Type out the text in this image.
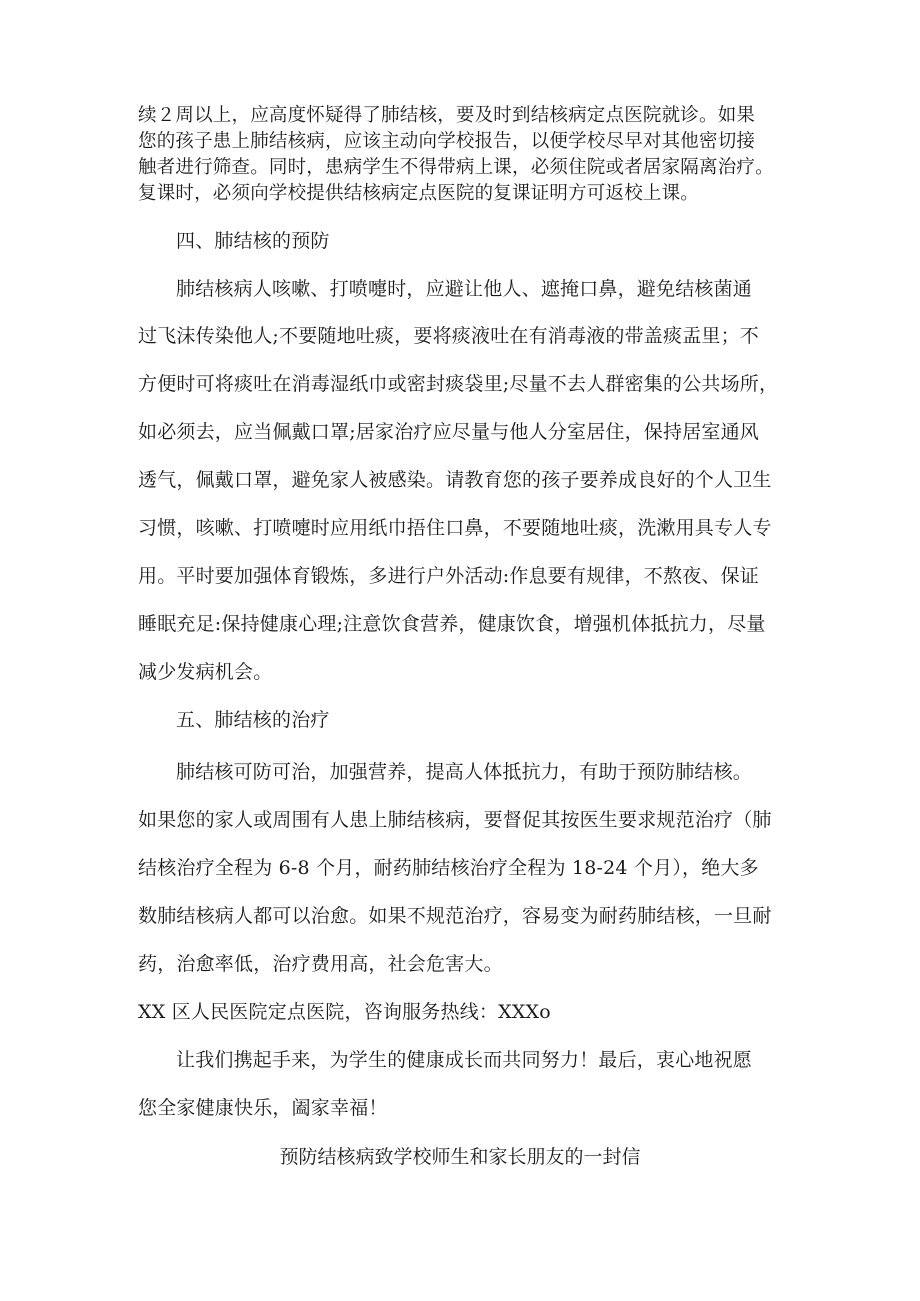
续２周以上，应高度怀疑得了肺结核，要及时到结核病定点医院就诊。如果
您的孩子患上肺结核病，应该主动向学校报告，以便学校尽早对其他密切接
触者进行筛查。同时，患病学生不得带病上课，必须住院或者居家隔离治疗。
复课时，必须向学校提供结核病定点医院的复课证明方可返校上课。
四、肺结核的预防
肺结核病人咳嗽、打喷嚏时，应避让他人、遮掩口鼻，避免结核菌通
过飞沫传染他人;不要随地吐痰，要将痰液吐在有消毒液的带盖痰盂里；不
方便时可将痰吐在消毒湿纸巾或密封痰袋里;尽量不去人群密集的公共场所，
如必须去，应当佩戴口罩;居家治疗应尽量与他人分室居住，保持居室通风
透气，佩戴口罩，避免家人被感染。请教育您的孩子要养成良好的个人卫生
习惯，咳嗽、打喷嚏时应用纸巾捂住口鼻，不要随地吐痰，洗漱用具专人专
用。平时要加强体育锻炼，多进行户外活动:作息要有规律，不熬夜、保证
睡眠充足:保持健康心理;注意饮食营养，健康饮食，增强机体抵抗力，尽量
减少发病机会。
五、肺结核的治疗
肺结核可防可治，加强营养，提高人体抵抗力，有助于预防肺结核。
如果您的家人或周围有人患上肺结核病，要督促其按医生要求规范治疗（肺
结核治疗全程为 6-8 个月，耐药肺结核治疗全程为 18-24 个月），绝大多
数肺结核病人都可以治愈。如果不规范治疗，容易变为耐药肺结核，一旦耐
药，治愈率低，治疗费用高，社会危害大。
XX 区人民医院定点医院，咨询服务热线：XXXo
让我们携起手来，为学生的健康成长而共同努力！最后，衷心地祝愿
您全家健康快乐，阖家幸福！
预防结核病致学校师生和家长朋友的一封信
